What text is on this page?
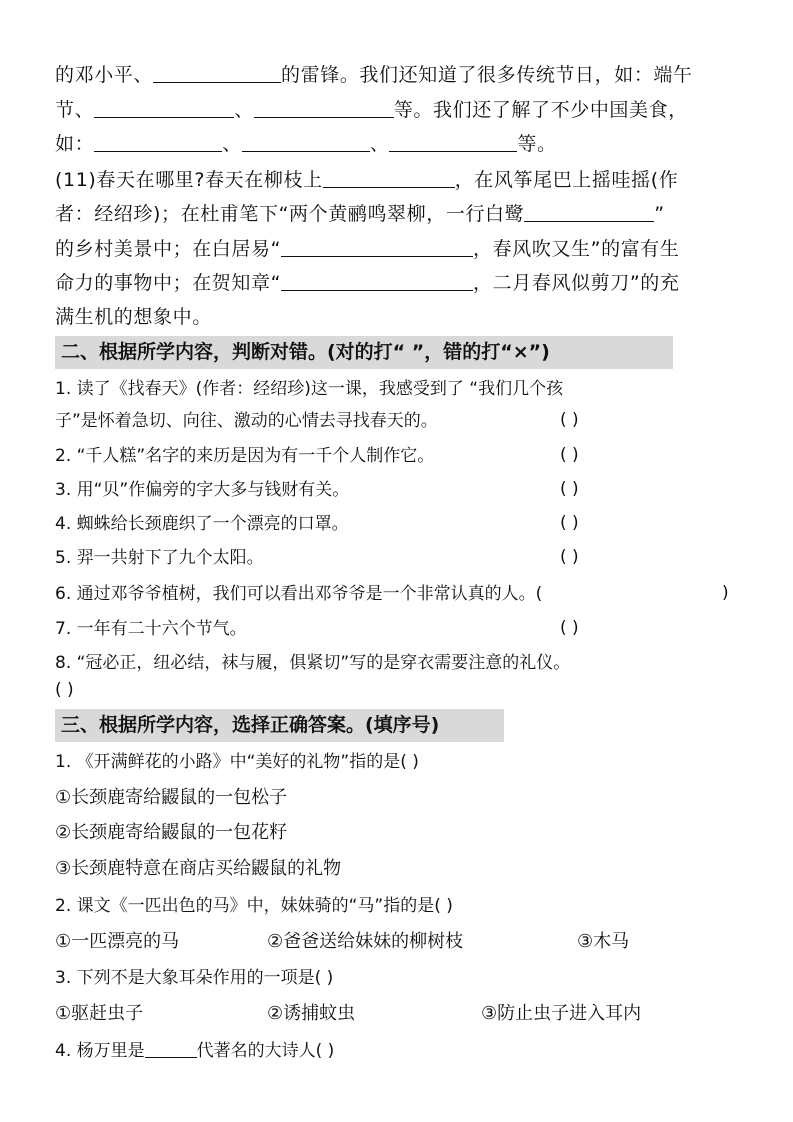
的邓小平、	的雷锋。我们还知道了很多传统节日，如：端午
节、	、	等。我们还了解了不少中国美食，
如：	、	、	等。
(11)春天在哪里?春天在柳枝上	，在风筝尾巴上摇哇摇(作
者：经绍珍)；在杜甫笔下“两个黄鹂鸣翠柳，一行白鹭	”
的乡村美景中；在白居易“	，春风吹又生”的富有生
命力的事物中；在贺知章“	，二月春风似剪刀”的充
满生机的想象中。
二、根据所学内容，判断对错。(对的打“ ”，错的打“×”)
1. 读了《找春天》(作者：经绍珍)这一课，我感受到了 “我们几个孩
子”是怀着急切、向往、激动的心情去寻找春天的。	( )
2. “千人糕”名字的来历是因为有一千个人制作它。	( )
3. 用“贝”作偏旁的字大多与钱财有关。	( )
4. 蜘蛛给长颈鹿织了一个漂亮的口罩。	( )
5. 羿一共射下了九个太阳。	( )
6. 通过邓爷爷植树，我们可以看出邓爷爷是一个非常认真的人。(	)
7. 一年有二十六个节气。	( )
8. “冠必正，纽必结，袜与履，俱紧切”写的是穿衣需要注意的礼仪。
( )
三、根据所学内容，选择正确答案。(填序号)
1. 《开满鲜花的小路》中“美好的礼物”指的是( )
①长颈鹿寄给鼹鼠的一包松子
②长颈鹿寄给鼹鼠的一包花籽
③长颈鹿特意在商店买给鼹鼠的礼物
2. 课文《一匹出色的马》中，妹妹骑的“马”指的是( )
①一匹漂亮的马	②爸爸送给妹妹的柳树枝	③木马
3. 下列不是大象耳朵作用的一项是( )
①驱赶虫子	②诱捕蚊虫	③防止虫子进入耳内
4. 杨万里是	代著名的大诗人( )
